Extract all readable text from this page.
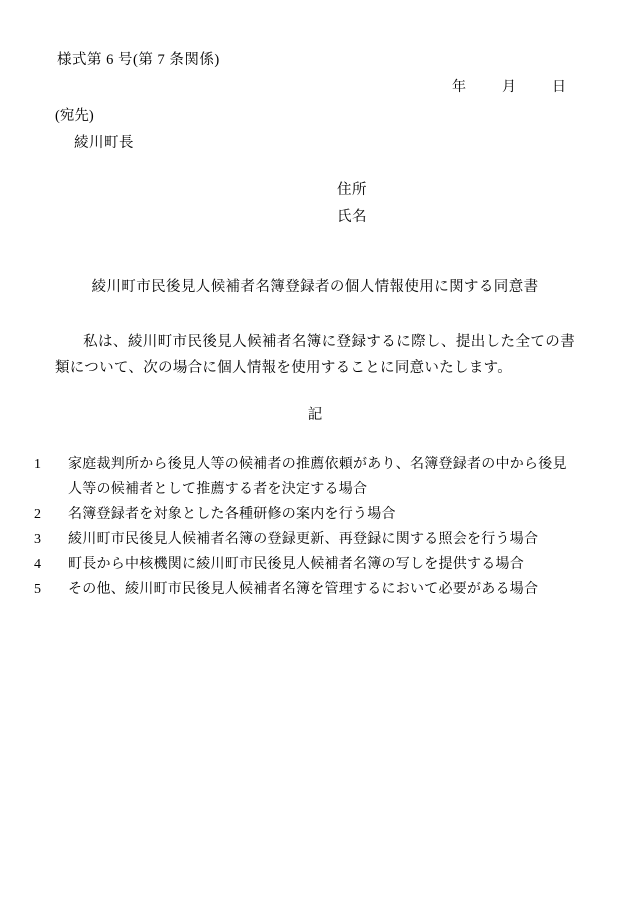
様式第 6 号(第 7 条関係)
年	月	日
(宛先)
綾川町長
住所
氏名
綾川町市民後見人候補者名簿登録者の個人情報使用に関する同意書
私は、綾川町市民後見人候補者名簿に登録するに際し、提出した全ての書類について、次の場合に個人情報を使用することに同意いたします。
記
1	家庭裁判所から後見人等の候補者の推薦依頼があり、名簿登録者の中から後見
人等の候補者として推薦する者を決定する場合
2	名簿登録者を対象とした各種研修の案内を行う場合
3	綾川町市民後見人候補者名簿の登録更新、再登録に関する照会を行う場合
4	町長から中核機関に綾川町市民後見人候補者名簿の写しを提供する場合
5	その他、綾川町市民後見人候補者名簿を管理するにおいて必要がある場合
